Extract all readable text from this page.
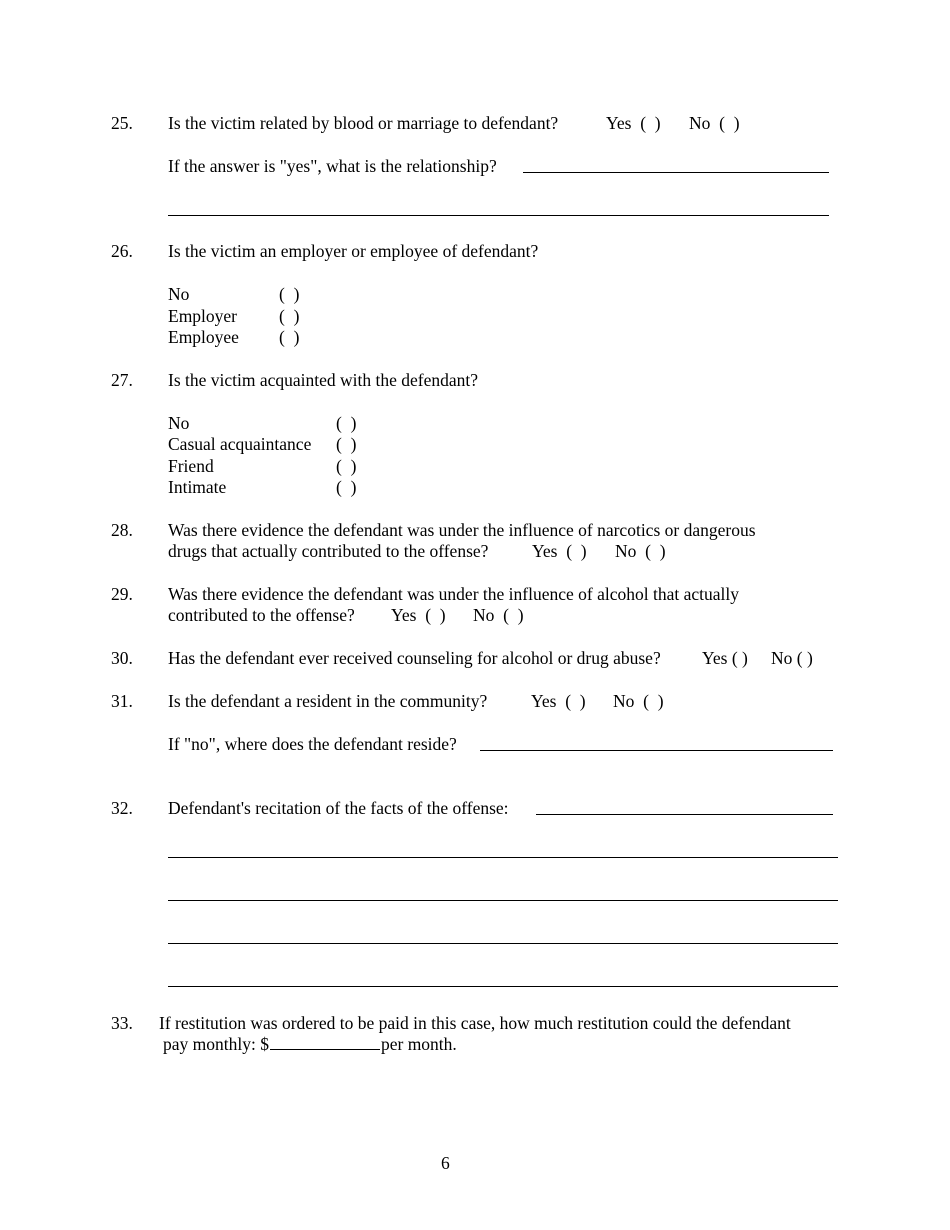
25. Is the victim related by blood or marriage to defendant?	Yes  (  ) No  (  )
If the answer is "yes", what is the relationship?
26. Is the victim an employer or employee of defendant?
No	(  )
Employer (  )
Employee (  )
27. Is the victim acquainted with the defendant?
No	(  )
Casual acquaintance (  )
Friend	(  )
Intimate	(  )
28. Was there evidence the defendant was under the influence of narcotics or dangerous
drugs that actually contributed to the offense? Yes  (  ) No  (  )
29. Was there evidence the defendant was under the influence of alcohol that actually
contributed to the offense? Yes  (  ) No  (  )
30. Has the defendant ever received counseling for alcohol or drug abuse? Yes ( ) No ( )
31. Is the defendant a resident in the community? Yes  (  ) No  (  )
If "no", where does the defendant reside?
32. Defendant's recitation of the facts of the offense:
33. If restitution was ordered to be paid in this case, how much restitution could the defendant
pay monthly: $	per month.
6
